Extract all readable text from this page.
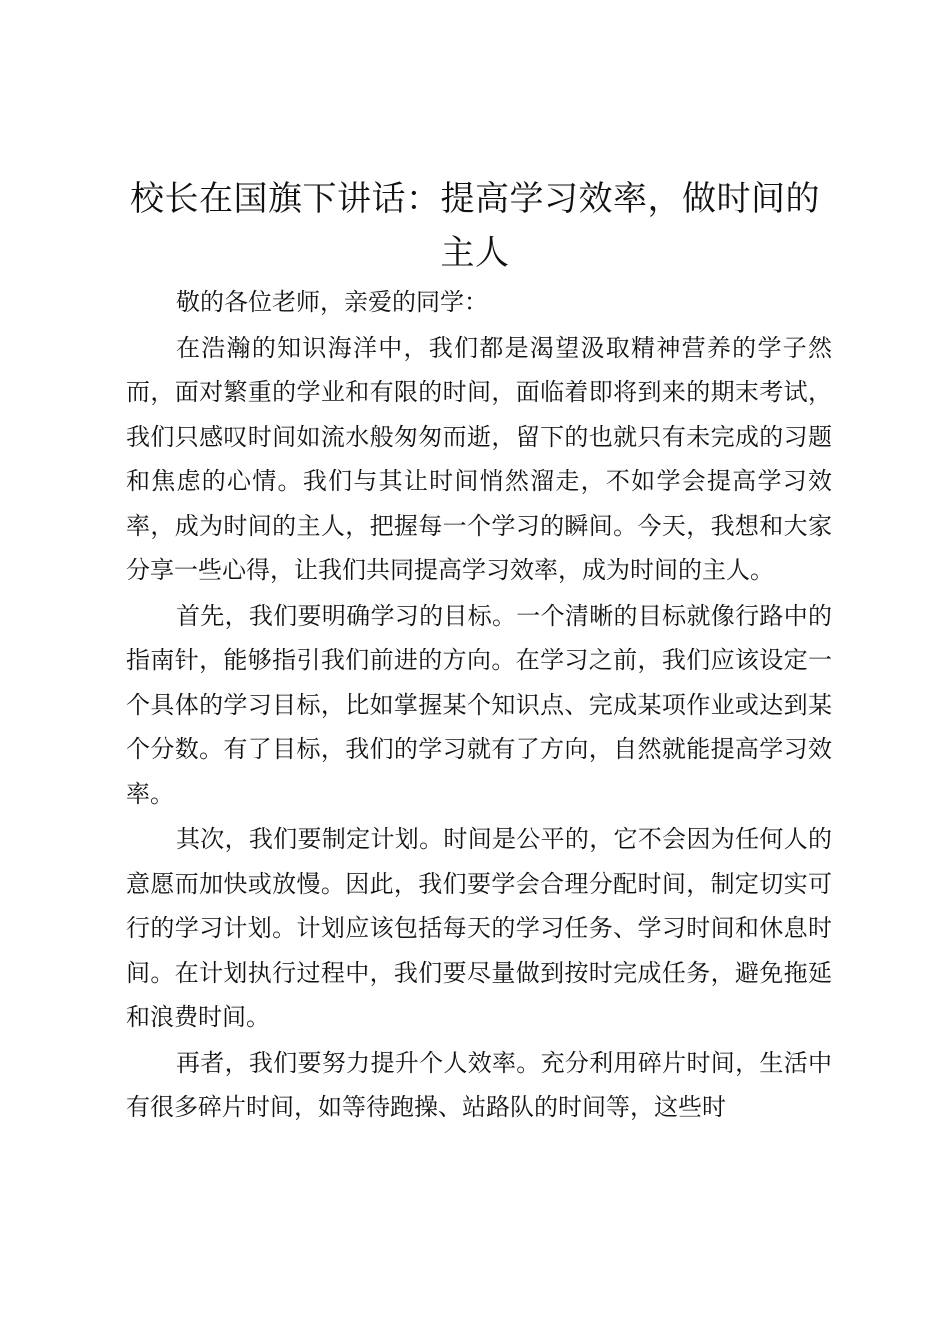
校长在国旗下讲话：提高学习效率，做时间的主人

敬的各位老师，亲爱的同学：

在浩瀚的知识海洋中，我们都是渴望汲取精神营养的学子然而，面对繁重的学业和有限的时间，面临着即将到来的期末考试，我们只感叹时间如流水般匆匆而逝，留下的也就只有未完成的习题和焦虑的心情。我们与其让时间悄然溜走，不如学会提高学习效率，成为时间的主人，把握每一个学习的瞬间。今天，我想和大家分享一些心得，让我们共同提高学习效率，成为时间的主人。

首先，我们要明确学习的目标。一个清晰的目标就像行路中的指南针，能够指引我们前进的方向。在学习之前，我们应该设定一个具体的学习目标，比如掌握某个知识点、完成某项作业或达到某个分数。有了目标，我们的学习就有了方向，自然就能提高学习效率。

其次，我们要制定计划。时间是公平的，它不会因为任何人的意愿而加快或放慢。因此，我们要学会合理分配时间，制定切实可行的学习计划。计划应该包括每天的学习任务、学习时间和休息时间。在计划执行过程中，我们要尽量做到按时完成任务，避免拖延和浪费时间。

再者，我们要努力提升个人效率。充分利用碎片时间，生活中有很多碎片时间，如等待跑操、站路队的时间等，这些时
